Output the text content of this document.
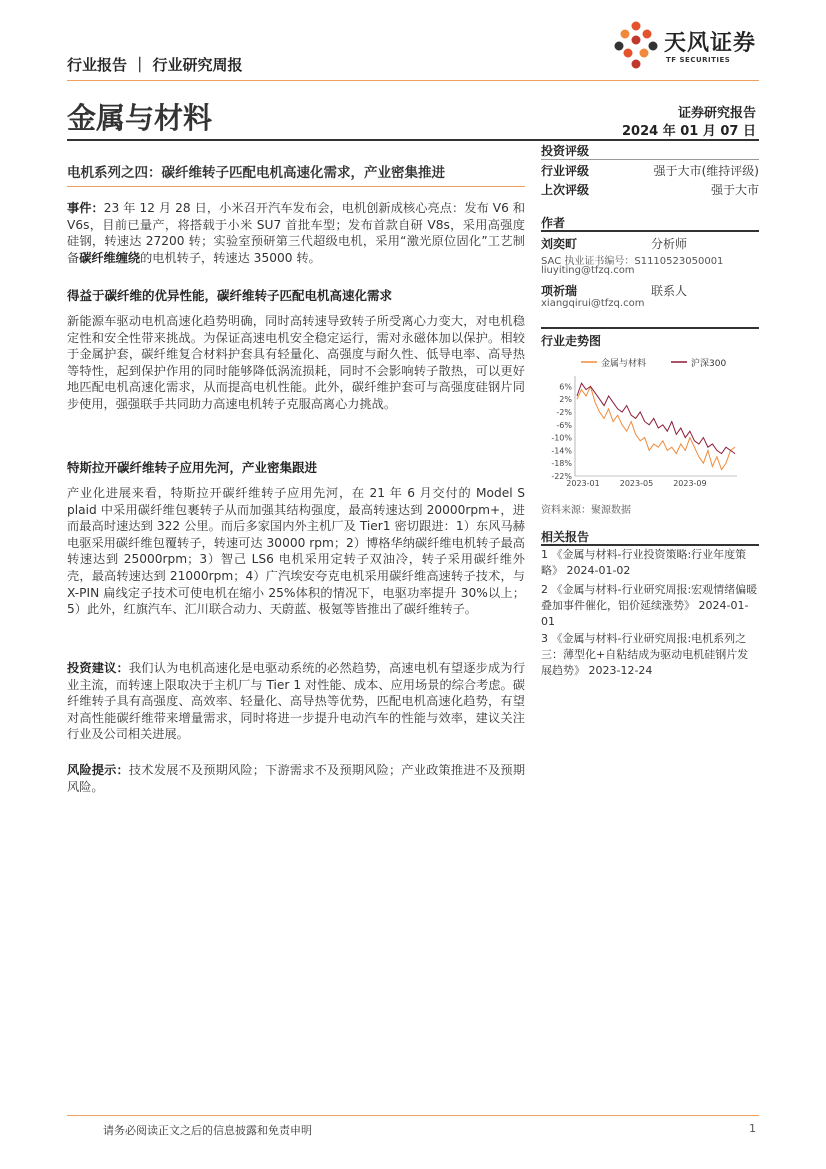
天风证券
TF SECURITIES
行业报告 ｜ 行业研究周报
金属与材料	证券研究报告
2024 年 01 月 07 日
电机系列之四：碳纤维转子匹配电机高速化需求，产业密集推进
事件：23 年 12 月 28 日，小米召开汽车发布会，电机创新成核心亮点：发布 V6 和 V6s，目前已量产，将搭载于小米 SU7 首批车型；发布首款自研 V8s，采用高强度硅钢，转速达 27200 转；实验室预研第三代超级电机，采用“激光原位固化”工艺制备碳纤维缠绕的电机转子，转速达 35000 转。
得益于碳纤维的优异性能，碳纤维转子匹配电机高速化需求
新能源车驱动电机高速化趋势明确，同时高转速导致转子所受离心力变大，对电机稳定性和安全性带来挑战。为保证高速电机安全稳定运行，需对永磁体加以保护。相较于金属护套，碳纤维复合材料护套具有轻量化、高强度与耐久性、低导电率、高导热等特性，起到保护作用的同时能够降低涡流损耗，同时不会影响转子散热，可以更好地匹配电机高速化需求，从而提高电机性能。此外，碳纤维护套可与高强度硅钢片同步使用，强强联手共同助力高速电机转子克服高离心力挑战。
特斯拉开碳纤维转子应用先河，产业密集跟进
产业化进展来看，特斯拉开碳纤维转子应用先河，在 21 年 6 月交付的 Model S plaid 中采用碳纤维包裹转子从而加强其结构强度，最高转速达到 20000rpm+，进而最高时速达到 322 公里。而后多家国内外主机厂及 Tier1 密切跟进：1）东风马赫电驱采用碳纤维包覆转子，转速可达 30000 rpm；2）博格华纳碳纤维电机转子最高转速达到 25000rpm；3）智己 LS6 电机采用定转子双油冷，转子采用碳纤维外壳，最高转速达到 21000rpm；4）广汽埃安夸克电机采用碳纤维高速转子技术，与 X-PIN 扁线定子技术可使电机在缩小 25%体积的情况下，电驱功率提升 30%以上；5）此外，红旗汽车、汇川联合动力、天蔚蓝、极氪等皆推出了碳纤维转子。
投资建议：我们认为电机高速化是电驱动系统的必然趋势，高速电机有望逐步成为行业主流，而转速上限取决于主机厂与 Tier 1 对性能、成本、应用场景的综合考虑。碳纤维转子具有高强度、高效率、轻量化、高导热等优势，匹配电机高速化趋势，有望对高性能碳纤维带来增量需求，同时将进一步提升电动汽车的性能与效率，建议关注行业及公司相关进展。
风险提示：技术发展不及预期风险；下游需求不及预期风险；产业政策推进不及预期风险。
投资评级
行业评级	强于大市(维持评级)
上次评级	强于大市
作者
刘奕町	分析师
SAC 执业证书编号：S1110523050001
liuyiting@tfzq.com
项祈瑞	联系人
xiangqirui@tfzq.com
行业走势图
金属与材料	沪深300
6%
2%
-2%
-6%
-10%
-14%
-18%
-22%
2023-01	2023-05	2023-09
资料来源：聚源数据
相关报告
1 《金属与材料-行业投资策略:行业年度策略》 2024-01-02
2 《金属与材料-行业研究周报:宏观情绪偏暖叠加事件催化，铝价延续涨势》 2024-01-01
3 《金属与材料-行业研究周报:电机系列之三：薄型化+自粘结成为驱动电机硅钢片发展趋势》 2023-12-24
请务必阅读正文之后的信息披露和免责申明	1
